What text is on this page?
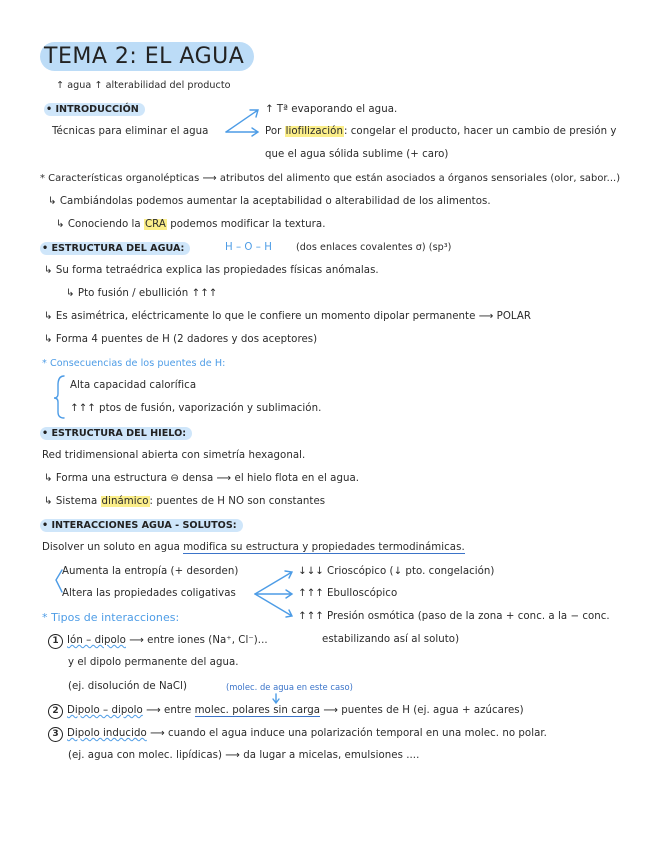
TEMA 2: EL AGUA
↑ agua ↑ alterabilidad del producto
• INTRODUCCIÓN
Técnicas para eliminar el agua
↑ Tª evaporando el agua.
Por liofilización: congelar el producto, hacer un cambio de presión y
que el agua sólida sublime (+ caro)
* Características organolépticas ⟶ atributos del alimento que están asociados a órganos sensoriales (olor, sabor...)
↳ Cambiándolas podemos aumentar la aceptabilidad o alterabilidad de los alimentos.
↳ Conociendo la CRA podemos modificar la textura.
• ESTRUCTURA DEL AGUA:	H – O – H	(dos enlaces covalentes σ) (sp³)
↳ Su forma tetraédrica explica las propiedades físicas anómalas.
↳ Pto fusión / ebullición ↑↑↑
↳ Es asimétrica, eléctricamente lo que le confiere un momento dipolar permanente ⟶ POLAR
↳ Forma 4 puentes de H (2 dadores y dos aceptores)
* Consecuencias de los puentes de H:
Alta capacidad calorífica
↑↑↑ ptos de fusión, vaporización y sublimación.
• ESTRUCTURA DEL HIELO:
Red tridimensional abierta con simetría hexagonal.
↳ Forma una estructura ⊖ densa ⟶ el hielo flota en el agua.
↳ Sistema dinámico: puentes de H NO son constantes
• INTERACCIONES AGUA - SOLUTOS:
Disolver un soluto en agua modifica su estructura y propiedades termodinámicas.
Aumenta la entropía (+ desorden)
Altera las propiedades coligativas
↓↓↓ Crioscópico (↓ pto. congelación)
↑↑↑ Ebulloscópico
↑↑↑ Presión osmótica (paso de la zona + conc. a la − conc.
estabilizando así al soluto)
* Tipos de interacciones:
1 Ión – dipolo ⟶ entre iones (Na⁺, Cl⁻)...
y el dipolo permanente del agua.
(ej. disolución de NaCl)	(molec. de agua en este caso)
2 Dipolo – dipolo ⟶ entre molec. polares sin carga ⟶ puentes de H (ej. agua + azúcares)
3 Dipolo inducido ⟶ cuando el agua induce una polarización temporal en una molec. no polar.
(ej. agua con molec. lipídicas) ⟶ da lugar a micelas, emulsiones ....
